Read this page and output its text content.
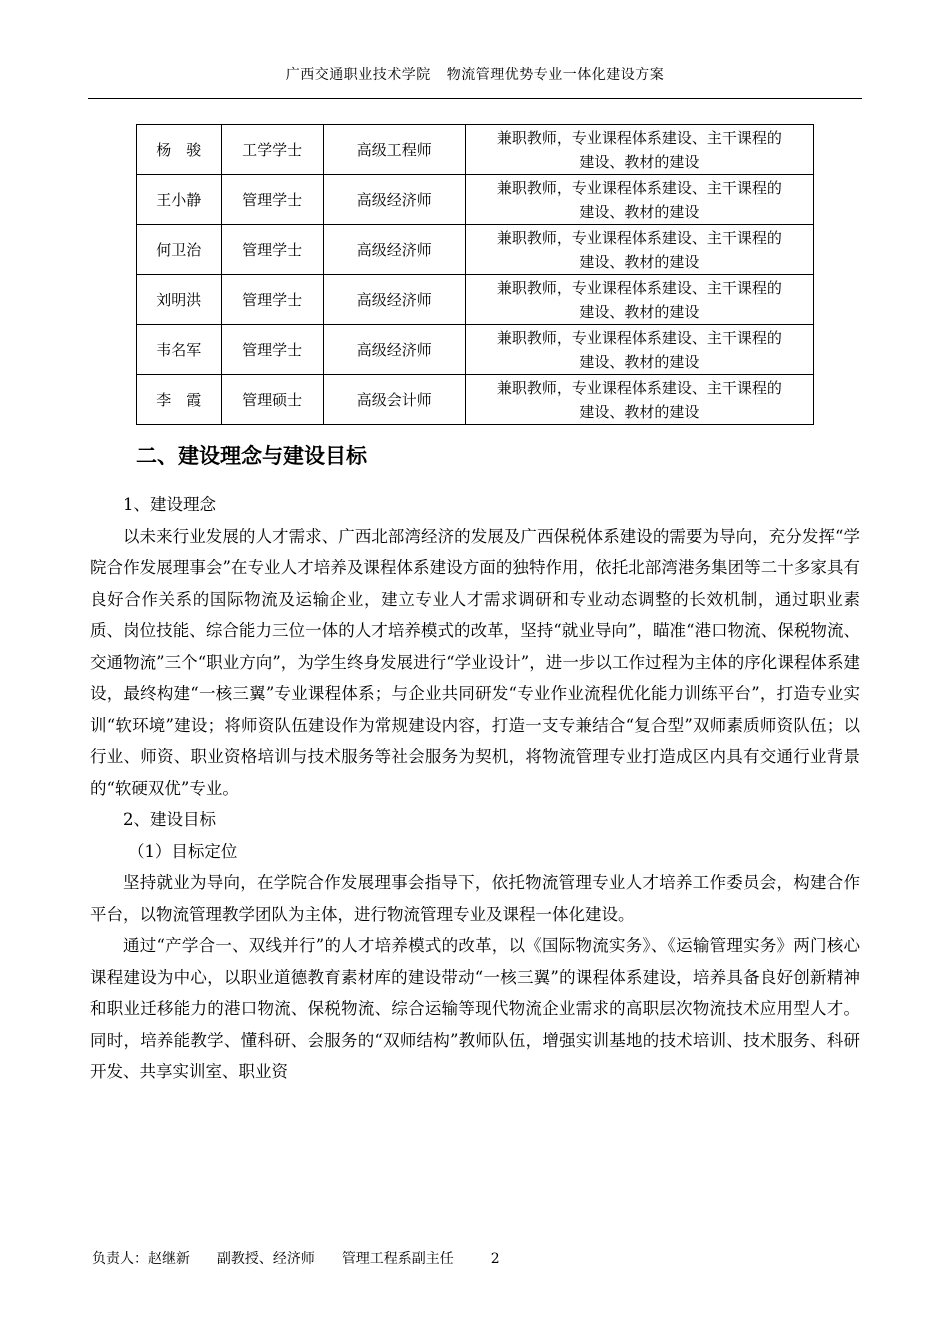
广西交通职业技术学院 物流管理优势专业一体化建设方案
杨　骏	工学学士	高级工程师	兼职教师，专业课程体系建设、主干课程的
建设、教材的建设
王小静	管理学士	高级经济师	兼职教师，专业课程体系建设、主干课程的
建设、教材的建设
何卫治	管理学士	高级经济师	兼职教师，专业课程体系建设、主干课程的
建设、教材的建设
刘明洪	管理学士	高级经济师	兼职教师，专业课程体系建设、主干课程的
建设、教材的建设
韦名军	管理学士	高级经济师	兼职教师，专业课程体系建设、主干课程的
建设、教材的建设
李　霞	管理硕士	高级会计师	兼职教师，专业课程体系建设、主干课程的
建设、教材的建设
二、建设理念与建设目标

1、建设理念

以未来行业发展的人才需求、广西北部湾经济的发展及广西保税体系建设的需要为导向，充分发挥“学院合作发展理事会”在专业人才培养及课程体系建设方面的独特作用，依托北部湾港务集团等二十多家具有良好合作关系的国际物流及运输企业，建立专业人才需求调研和专业动态调整的长效机制，通过职业素质、岗位技能、综合能力三位一体的人才培养模式的改革，坚持“就业导向”，瞄准“港口物流、保税物流、交通物流”三个“职业方向”，为学生终身发展进行“学业设计”，进一步以工作过程为主体的序化课程体系建设，最终构建“一核三翼”专业课程体系；与企业共同研发“专业作业流程优化能力训练平台”，打造专业实训“软环境”建设；将师资队伍建设作为常规建设内容，打造一支专兼结合“复合型”双师素质师资队伍；以行业、师资、职业资格培训与技术服务等社会服务为契机，将物流管理专业打造成区内具有交通行业背景的“软硬双优”专业。

2、建设目标

（1）目标定位

坚持就业为导向，在学院合作发展理事会指导下，依托物流管理专业人才培养工作委员会，构建合作平台，以物流管理教学团队为主体，进行物流管理专业及课程一体化建设。

通过“产学合一、双线并行”的人才培养模式的改革，以《国际物流实务》、《运输管理实务》两门核心课程建设为中心，以职业道德教育素材库的建设带动“一核三翼”的课程体系建设，培养具备良好创新精神和职业迁移能力的港口物流、保税物流、综合运输等现代物流企业需求的高职层次物流技术应用型人才。同时，培养能教学、懂科研、会服务的“双师结构”教师队伍，增强实训基地的技术培训、技术服务、科研开发、共享实训室、职业资

负责人：赵继新 副教授、经济师 管理工程系副主任	2
